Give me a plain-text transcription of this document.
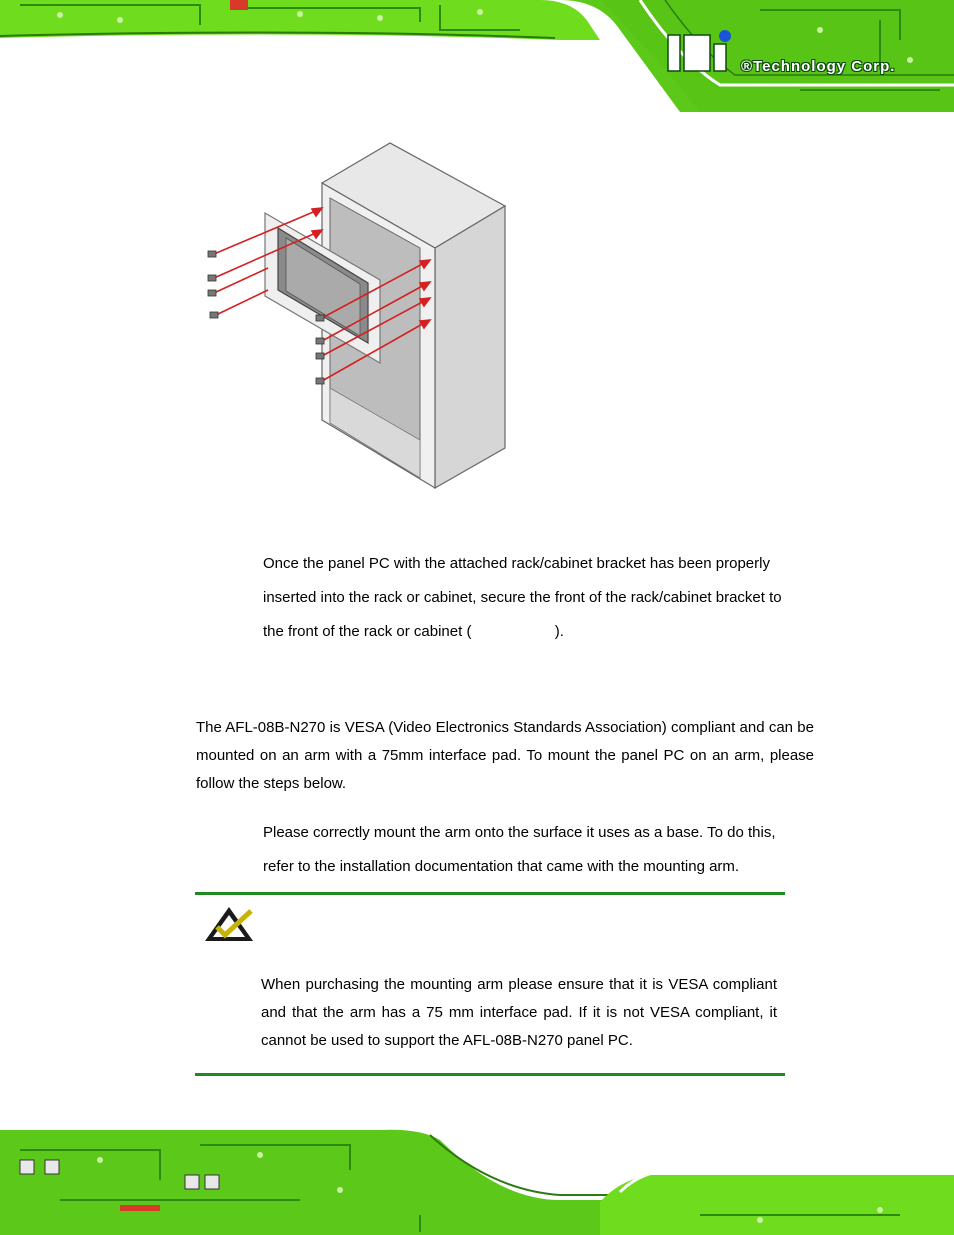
®Technology Corp.

Once the panel PC with the attached rack/cabinet bracket has been properly
inserted into the rack or cabinet, secure the front of the rack/cabinet bracket to
the front of the rack or cabinet (                    ).

The AFL-08B-N270 is VESA (Video Electronics Standards Association) compliant and can be mounted on an arm with a 75mm interface pad. To mount the panel PC on an arm, please follow the steps below.

Please correctly mount the arm onto the surface it uses as a base. To do this,
refer to the installation documentation that came with the mounting arm.

When purchasing the mounting arm please ensure that it is VESA compliant and that the arm has a 75 mm interface pad. If it is not VESA compliant, it cannot be used to support the AFL-08B-N270 panel PC.
